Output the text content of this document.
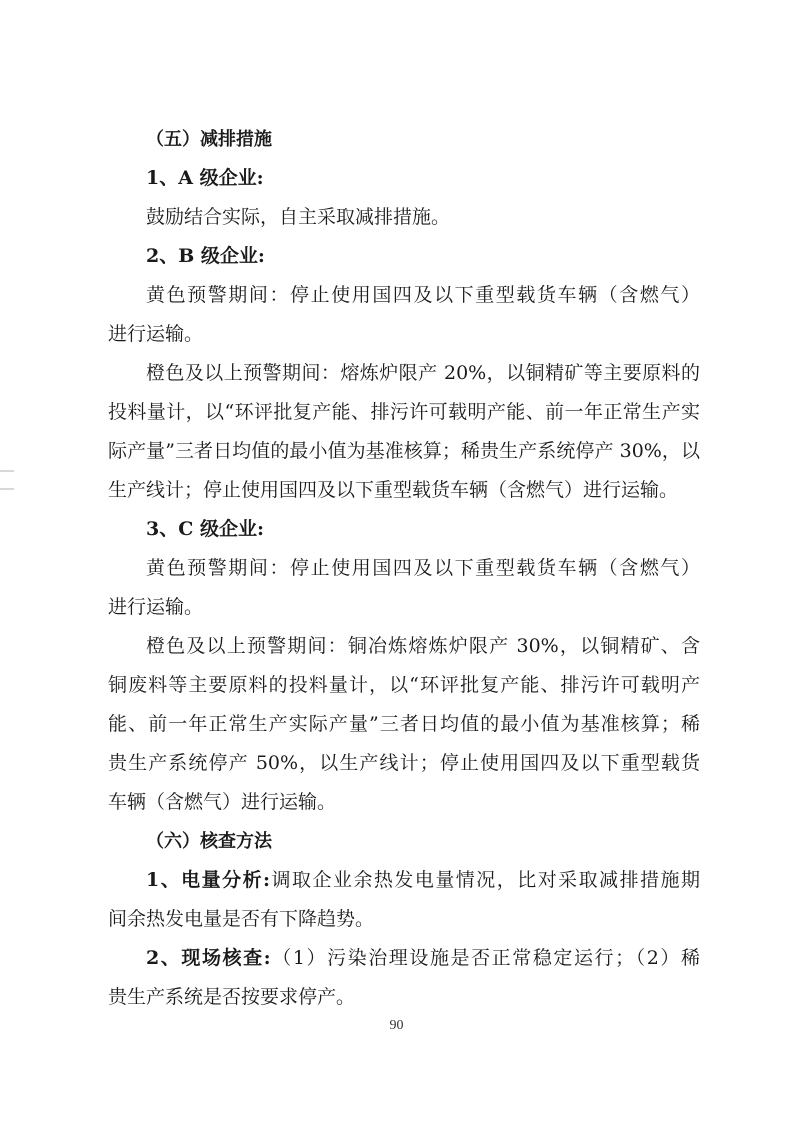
（五）减排措施
1、A 级企业:
鼓励结合实际，自主采取减排措施。
2、B 级企业:
黄色预警期间：停止使用国四及以下重型载货车辆（含燃气）
进行运输。
橙色及以上预警期间：熔炼炉限产 20%，以铜精矿等主要原料的
投料量计，以“环评批复产能、排污许可载明产能、前一年正常生产实
际产量”三者日均值的最小值为基准核算；稀贵生产系统停产 30%，以
生产线计；停止使用国四及以下重型载货车辆（含燃气）进行运输。
3、C 级企业:
黄色预警期间：停止使用国四及以下重型载货车辆（含燃气）
进行运输。
橙色及以上预警期间：铜冶炼熔炼炉限产 30%，以铜精矿、含
铜废料等主要原料的投料量计，以“环评批复产能、排污许可载明产
能、前一年正常生产实际产量”三者日均值的最小值为基准核算；稀
贵生产系统停产 50%，以生产线计；停止使用国四及以下重型载货
车辆（含燃气）进行运输。
（六）核查方法
1、电量分析:调取企业余热发电量情况，比对采取减排措施期
间余热发电量是否有下降趋势。
2、现场核查:（1）污染治理设施是否正常稳定运行；（2）稀
贵生产系统是否按要求停产。
90
